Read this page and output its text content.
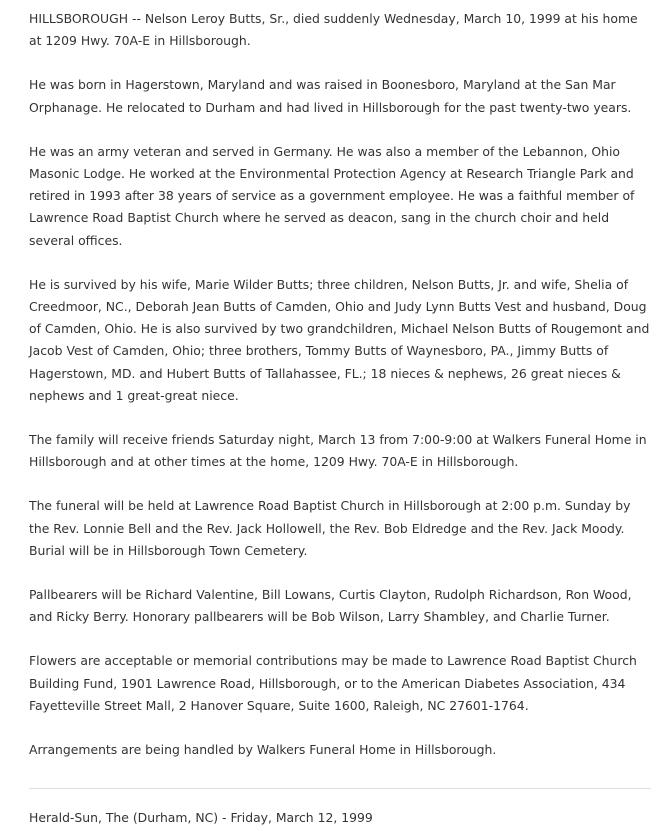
HILLSBOROUGH -- Nelson Leroy Butts, Sr., died suddenly Wednesday, March 10, 1999 at his home at 1209 Hwy. 70A-E in Hillsborough.

He was born in Hagerstown, Maryland and was raised in Boonesboro, Maryland at the San Mar Orphanage. He relocated to Durham and had lived in Hillsborough for the past twenty-two years.

He was an army veteran and served in Germany. He was also a member of the Lebannon, Ohio Masonic Lodge. He worked at the Environmental Protection Agency at Research Triangle Park and retired in 1993 after 38 years of service as a government employee. He was a faithful member of Lawrence Road Baptist Church where he served as deacon, sang in the church choir and held several offices.

He is survived by his wife, Marie Wilder Butts; three children, Nelson Butts, Jr. and wife, Shelia of Creedmoor, NC., Deborah Jean Butts of Camden, Ohio and Judy Lynn Butts Vest and husband, Doug of Camden, Ohio. He is also survived by two grandchildren, Michael Nelson Butts of Rougemont and Jacob Vest of Camden, Ohio; three brothers, Tommy Butts of Waynesboro, PA., Jimmy Butts of Hagerstown, MD. and Hubert Butts of Tallahassee, FL.; 18 nieces & nephews, 26 great nieces & nephews and 1 great-great niece.

The family will receive friends Saturday night, March 13 from 7:00-9:00 at Walkers Funeral Home in Hillsborough and at other times at the home, 1209 Hwy. 70A-E in Hillsborough.

The funeral will be held at Lawrence Road Baptist Church in Hillsborough at 2:00 p.m. Sunday by the Rev. Lonnie Bell and the Rev. Jack Hollowell, the Rev. Bob Eldredge and the Rev. Jack Moody. Burial will be in Hillsborough Town Cemetery.

Pallbearers will be Richard Valentine, Bill Lowans, Curtis Clayton, Rudolph Richardson, Ron Wood, and Ricky Berry. Honorary pallbearers will be Bob Wilson, Larry Shambley, and Charlie Turner.

Flowers are acceptable or memorial contributions may be made to Lawrence Road Baptist Church Building Fund, 1901 Lawrence Road, Hillsborough, or to the American Diabetes Association, 434 Fayetteville Street Mall, 2 Hanover Square, Suite 1600, Raleigh, NC 27601-1764.

Arrangements are being handled by Walkers Funeral Home in Hillsborough.

Herald-Sun, The (Durham, NC) - Friday, March 12, 1999
